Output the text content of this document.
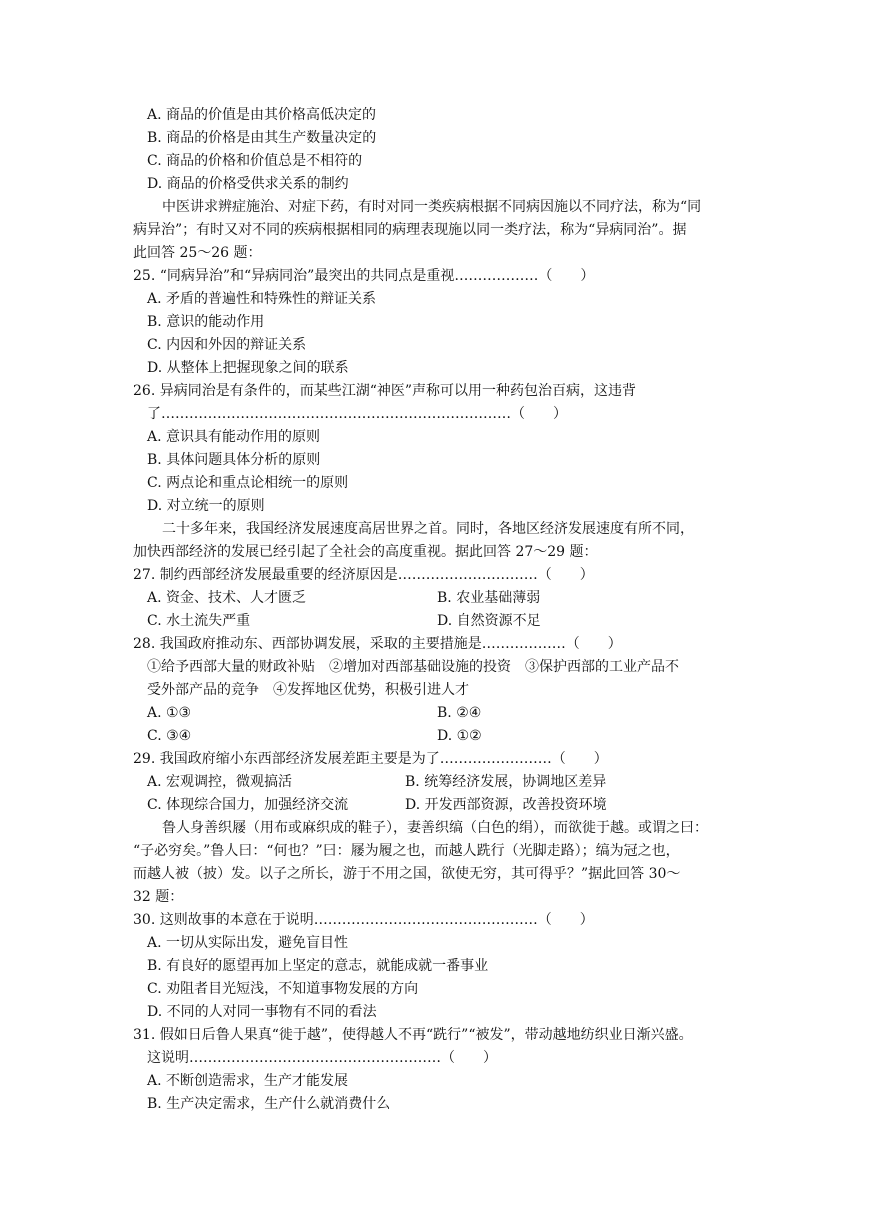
A. 商品的价值是由其价格高低决定的
B. 商品的价格是由其生产数量决定的
C. 商品的价格和价值总是不相符的
D. 商品的价格受供求关系的制约
中医讲求辨症施治、对症下药，有时对同一类疾病根据不同病因施以不同疗法，称为“同
病异治”；有时又对不同的疾病根据相同的病理表现施以同一类疗法，称为“异病同治”。据
此回答 25～26 题：
25. “同病异治”和“异病同治”最突出的共同点是重视………………（　　）
A. 矛盾的普遍性和特殊性的辩证关系
B. 意识的能动作用
C. 内因和外因的辩证关系
D. 从整体上把握现象之间的联系
26. 异病同治是有条件的，而某些江湖“神医”声称可以用一种药包治百病，这违背
了…………………………………………………………………（　　）
A. 意识具有能动作用的原则
B. 具体问题具体分析的原则
C. 两点论和重点论相统一的原则
D. 对立统一的原则
二十多年来，我国经济发展速度高居世界之首。同时，各地区经济发展速度有所不同，
加快西部经济的发展已经引起了全社会的高度重视。据此回答 27～29 题：
27. 制约西部经济发展最重要的经济原因是…………………………（　　）
A. 资金、技术、人才匮乏	B. 农业基础薄弱
C. 水土流失严重	D. 自然资源不足
28. 我国政府推动东、西部协调发展，采取的主要措施是………………（　　）
①给予西部大量的财政补贴　②增加对西部基础设施的投资　③保护西部的工业产品不
受外部产品的竞争　④发挥地区优势，积极引进人才
A. ①③	B. ②④
C. ③④	D. ①②
29. 我国政府缩小东西部经济发展差距主要是为了……………………（　　）
A. 宏观调控，微观搞活	B. 统筹经济发展，协调地区差异
C. 体现综合国力，加强经济交流	D. 开发西部资源，改善投资环境
鲁人身善织屦（用布或麻织成的鞋子），妻善织缟（白色的绢），而欲徙于越。或谓之曰：
“子必穷矣。”鲁人曰：“何也？”曰：屦为履之也，而越人跣行（光脚走路）；缟为冠之也，
而越人被（披）发。以子之所长，游于不用之国，欲使无穷，其可得乎？”据此回答 30～
32 题：
30. 这则故事的本意在于说明…………………………………………（　　）
A. 一切从实际出发，避免盲目性
B. 有良好的愿望再加上坚定的意志，就能成就一番事业
C. 劝阻者目光短浅，不知道事物发展的方向
D. 不同的人对同一事物有不同的看法
31. 假如日后鲁人果真“徙于越”，使得越人不再“跣行”“被发”，带动越地纺织业日渐兴盛。
这说明………………………………………………（　　）
A. 不断创造需求，生产才能发展
B. 生产决定需求，生产什么就消费什么
